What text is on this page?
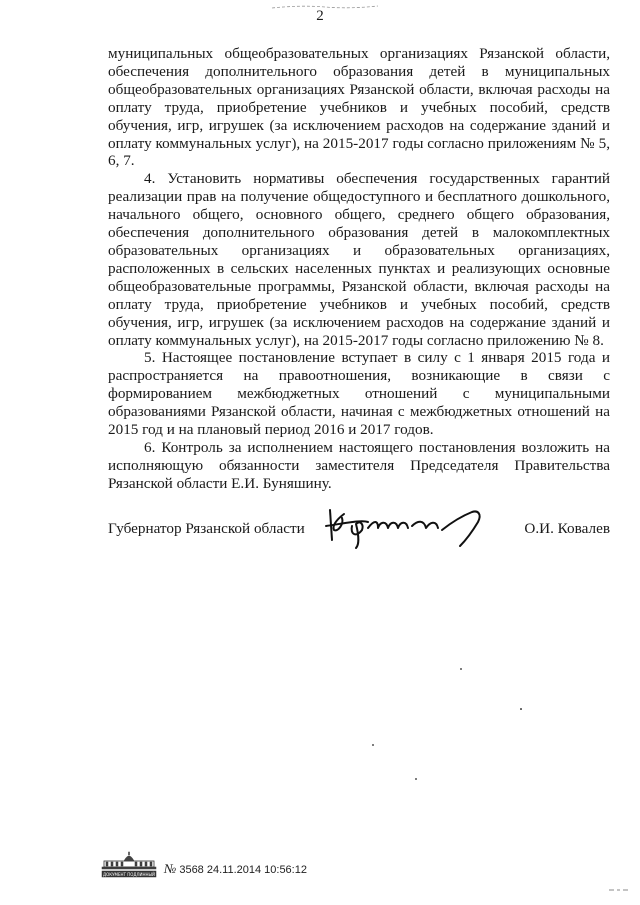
2

муниципальных общеобразовательных организациях Рязанской области, обеспечения дополнительного образования детей в муниципальных общеобразовательных организациях Рязанской области, включая расходы на оплату труда, приобретение учебников и учебных пособий, средств обучения, игр, игрушек (за исключением расходов на содержание зданий и оплату коммунальных услуг), на 2015-2017 годы согласно приложениям № 5, 6, 7.

4. Установить нормативы обеспечения государственных гарантий реализации прав на получение общедоступного и бесплатного дошкольного, начального общего, основного общего, среднего общего образования, обеспечения дополнительного образования детей в малокомплектных образовательных организациях и образовательных организациях, расположенных в сельских населенных пунктах и реализующих основные общеобразовательные программы, Рязанской области, включая расходы на оплату труда, приобретение учебников и учебных пособий, средств обучения, игр, игрушек (за исключением расходов на содержание зданий и оплату коммунальных услуг), на 2015-2017 годы согласно приложению № 8.

5. Настоящее постановление вступает в силу с 1 января 2015 года и распространяется на правоотношения, возникающие в связи с формированием межбюджетных отношений с муниципальными образованиями Рязанской области, начиная с межбюджетных отношений на 2015 год и на плановый период 2016 и 2017 годов.

6. Контроль за исполнением настоящего постановления возложить на исполняющую обязанности заместителя Председателя Правительства Рязанской области Е.И. Буняшину.

Губернатор Рязанской области	О.И. Ковалев
ДОКУМЕНТ ПОДЛИННЫЙ № 3568 24.11.2014 10:56:12
